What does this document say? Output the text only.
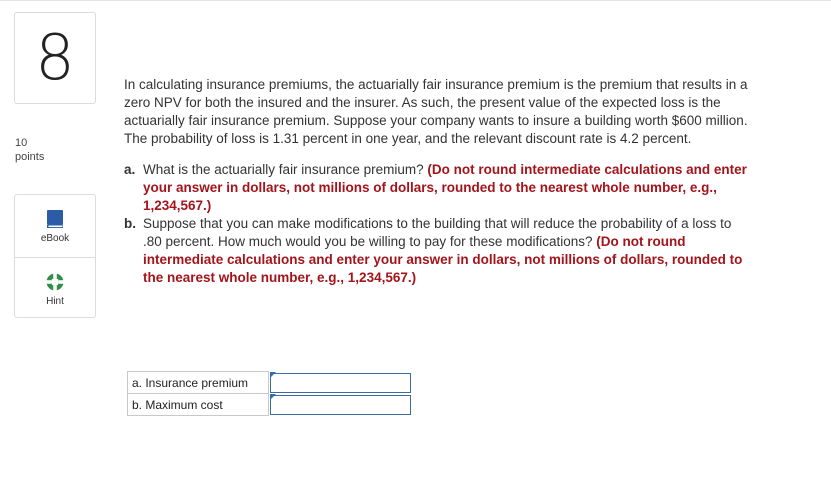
8
10
points
eBook
Hint

In calculating insurance premiums, the actuarially fair insurance premium is the premium that results in a zero NPV for both the insured and the insurer. As such, the present value of the expected loss is the actuarially fair insurance premium. Suppose your company wants to insure a building worth $600 million. The probability of loss is 1.31 percent in one year, and the relevant discount rate is 4.2 percent.

a. What is the actuarially fair insurance premium? (Do not round intermediate calculations and enter your answer in dollars, not millions of dollars, rounded to the nearest whole number, e.g., 1,234,567.)
b. Suppose that you can make modifications to the building that will reduce the probability of a loss to .80 percent. How much would you be willing to pay for these modifications? (Do not round intermediate calculations and enter your answer in dollars, not millions of dollars, rounded to the nearest whole number, e.g., 1,234,567.)
a. Insurance premium	

b. Maximum cost	
